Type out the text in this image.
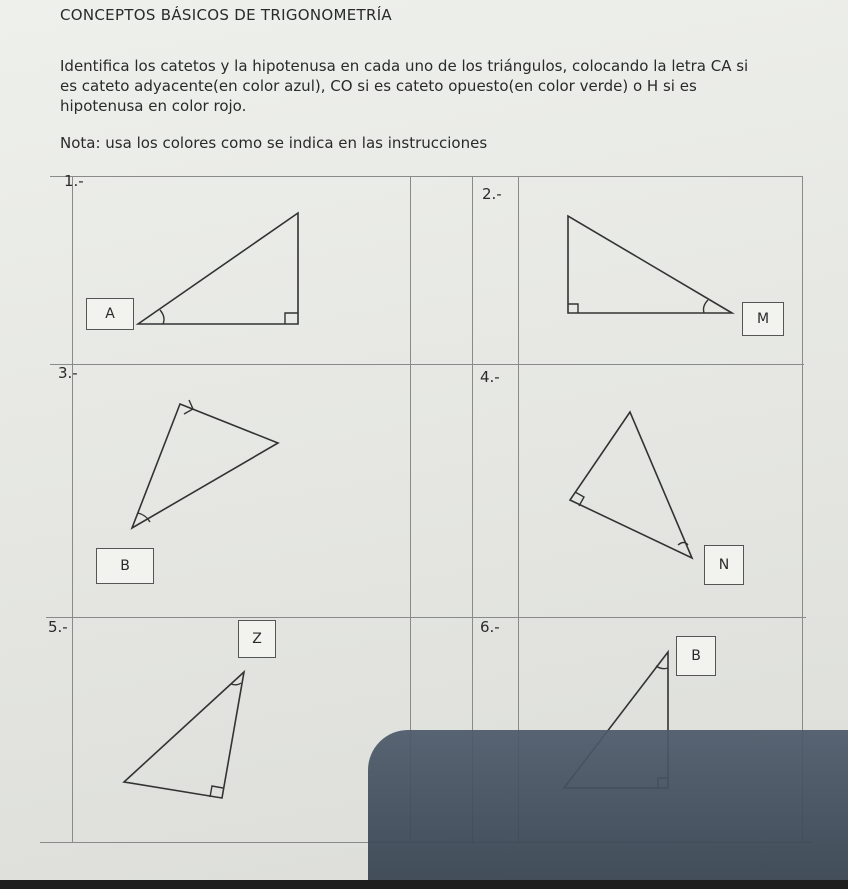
CONCEPTOS BÁSICOS DE TRIGONOMETRÍA

Identifica los catetos y la hipotenusa en cada uno de los triángulos, colocando la letra CA si

es cateto adyacente(en color azul), CO si es cateto opuesto(en color verde) o H si es

hipotenusa en color rojo.

Nota: usa los colores como se indica en las instrucciones
1.-
A
2.-
M
3.-
B
4.-
N
5.-
Z
6.-
B
